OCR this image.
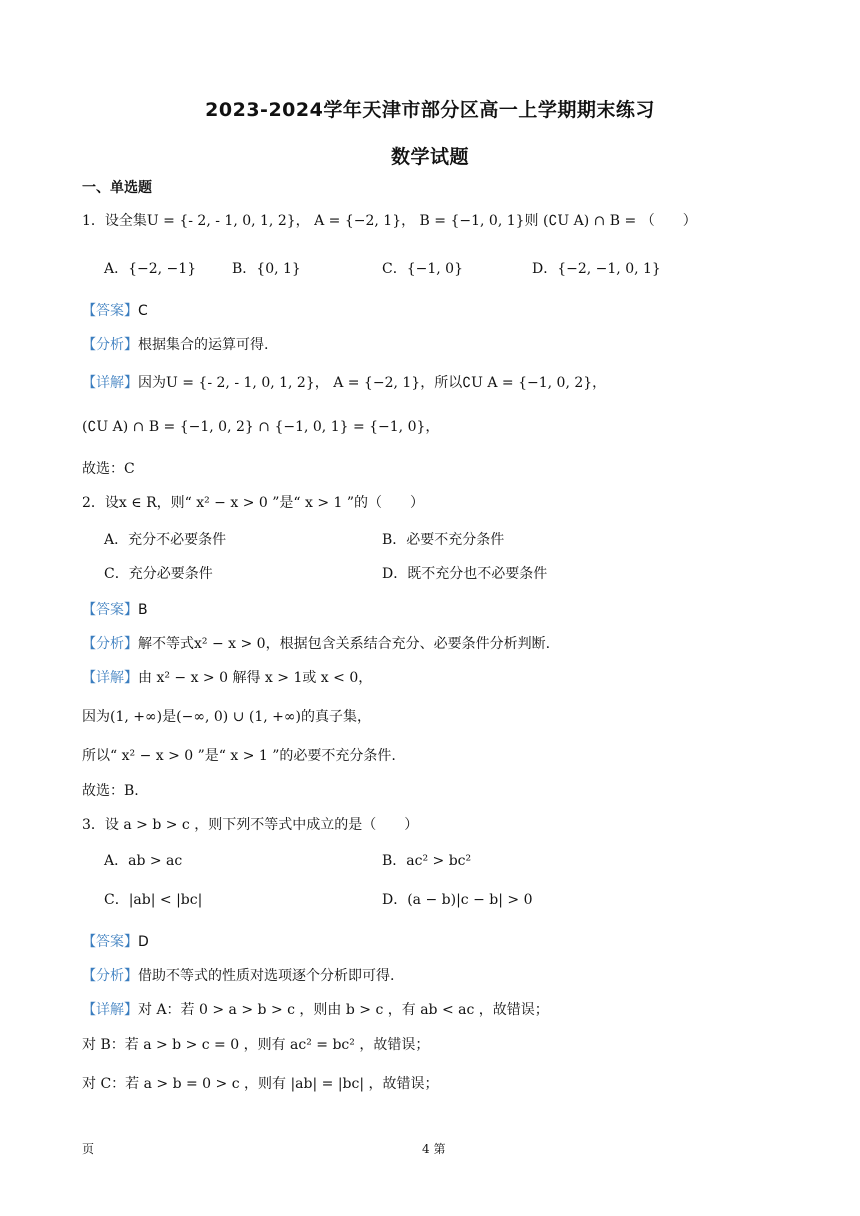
2023-2024学年天津市部分区高一上学期期末练习
数学试题
一、单选题
1．设全集U = {- 2, - 1, 0, 1, 2}， A = {−2, 1}， B = {−1, 0, 1}则 (∁U A) ∩ B = （　　）
A．{−2, −1}	B．{0, 1}	C．{−1, 0}	D．{−2, −1, 0, 1}
【答案】C
【分析】根据集合的运算可得.
【详解】因为U = {- 2, - 1, 0, 1, 2}， A = {−2, 1}，所以∁U A = {−1, 0, 2}，
(∁U A) ∩ B = {−1, 0, 2} ∩ {−1, 0, 1} = {−1, 0}，
故选：C
2．设x ∈ R，则“ x² − x > 0 ”是“ x > 1 ”的（　　）
A．充分不必要条件	B．必要不充分条件
C．充分必要条件	D．既不充分也不必要条件
【答案】B
【分析】解不等式x² − x > 0，根据包含关系结合充分、必要条件分析判断.
【详解】由 x² − x > 0 解得 x > 1或 x < 0，
因为(1, +∞)是(−∞, 0) ∪ (1, +∞)的真子集，
所以“ x² − x > 0 ”是“ x > 1 ”的必要不充分条件.
故选：B.
3．设 a > b > c ，则下列不等式中成立的是（　　）
A．ab > ac	B．ac² > bc²
C．|ab| < |bc|	D．(a − b)|c − b| > 0
【答案】D
【分析】借助不等式的性质对选项逐个分析即可得.
【详解】对 A：若 0 > a > b > c ，则由 b > c ，有 ab < ac ，故错误；
对 B：若 a > b > c = 0 ，则有 ac² = bc² ，故错误；
对 C：若 a > b = 0 > c ，则有 |ab| = |bc| ，故错误；
页	4 第
